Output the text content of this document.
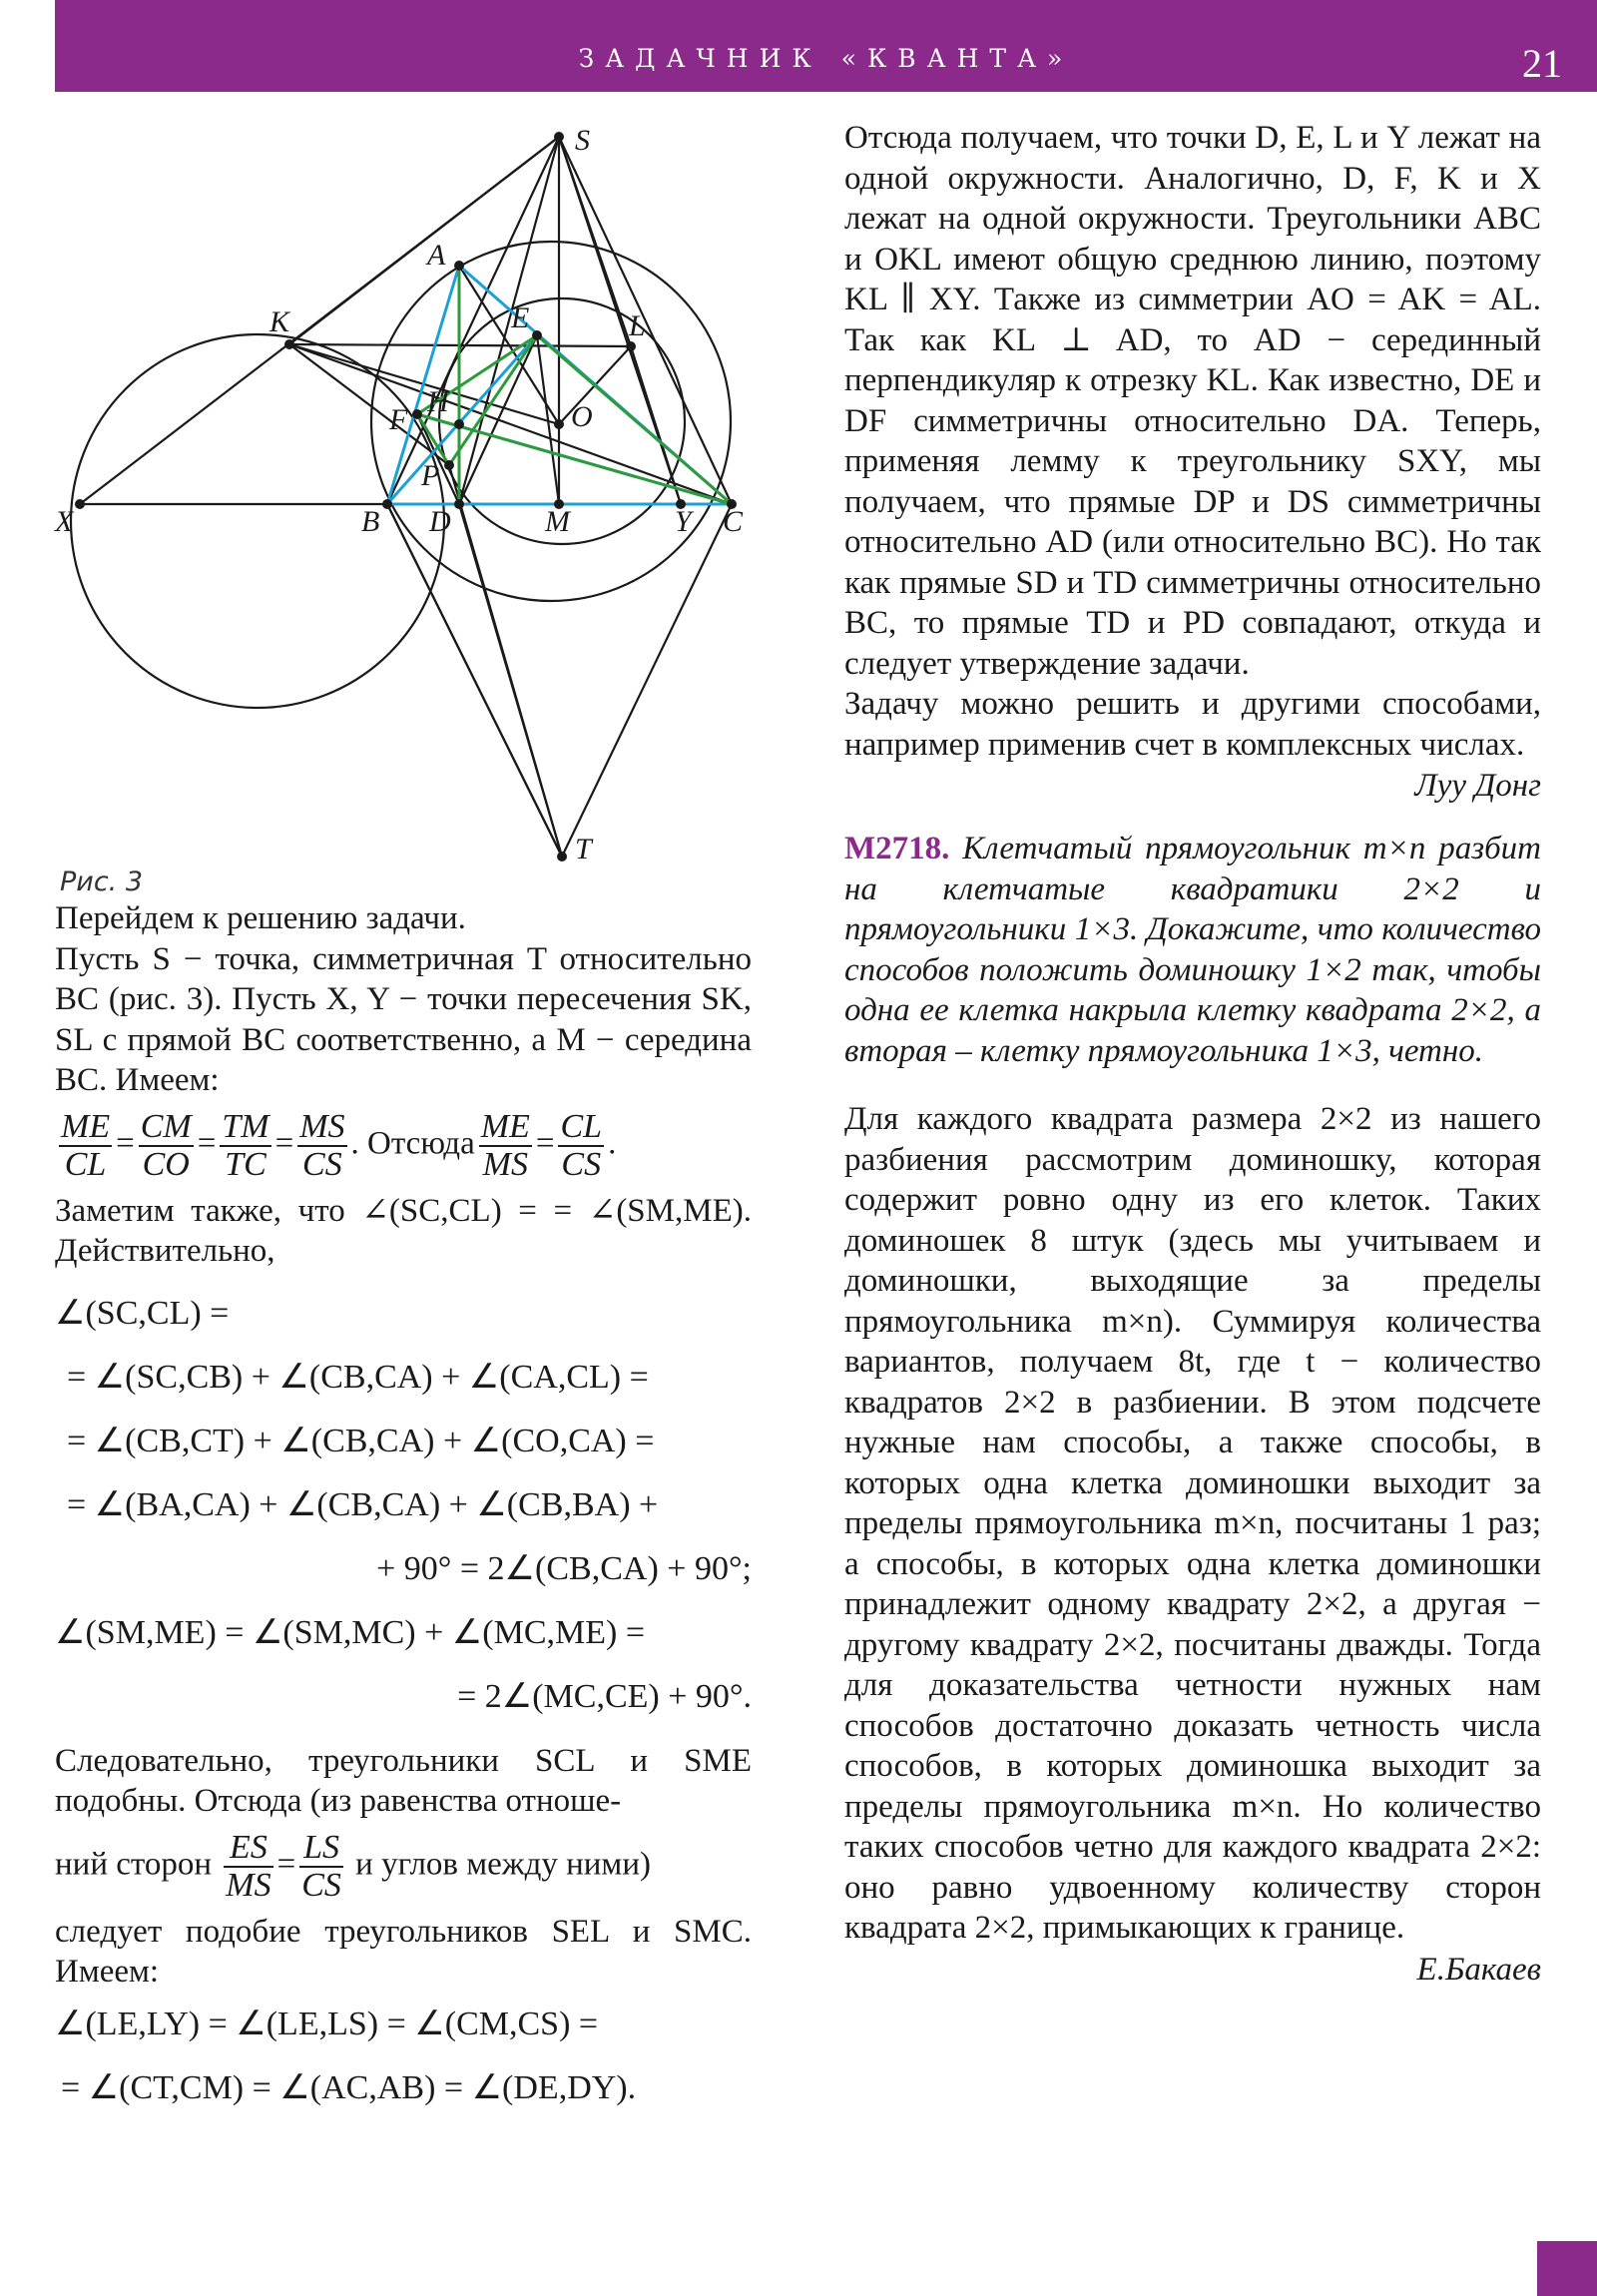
ЗАДАЧНИК «КВАНТА»	21
S
A
K	E	L
F
H	O
P
X	B D	M	Y C
T
Рис. 3

Перейдем к решению задачи.

Пусть S − точка, симметричная T относительно BC (рис. 3). Пусть X, Y − точки пересечения SK, SL с прямой BC соответственно, а M − середина BC. Имеем:

$\frac{ME}{CL} = \frac{CM}{CO} = \frac{TM}{TC} = \frac{MS}{CS}$ . Отсюда $\frac{ME}{MS} = \frac{CL}{CS}$ .

Заметим также, что ∠(SC,CL) = = ∠(SM,ME). Действительно,

∠(SC,CL) =
= ∠(SC,CB) + ∠(CB,CA) + ∠(CA,CL) =
= ∠(CB,CT) + ∠(CB,CA) + ∠(CO,CA) =
= ∠(BA,CA) + ∠(CB,CA) + ∠(CB,BA) +
+ 90° = 2∠(CB,CA) + 90°;
∠(SM,ME) = ∠(SM,MC) + ∠(MC,ME) =
= 2∠(MC,CE) + 90°.

Следовательно, треугольники SCL и SME подобны. Отсюда (из равенства отноше-

ний сторон $\frac{ES}{MS} = \frac{LS}{CS}$ и углов между ними)

следует подобие треугольников SEL и SMC. Имеем:

∠(LE,LY) = ∠(LE,LS) = ∠(CM,CS) =
= ∠(CT,CM) = ∠(AC,AB) = ∠(DE,DY).

Отсюда получаем, что точки D, E, L и Y лежат на одной окружности. Аналогично, D, F, K и X лежат на одной окружности. Треугольники ABC и OKL имеют общую среднюю линию, поэтому KL ∥ XY. Также из симметрии AO = AK = AL. Так как KL ⊥ AD, то AD − серединный перпендикуляр к отрезку KL. Как известно, DE и DF симметричны относительно DA. Теперь, применяя лемму к треугольнику SXY, мы получаем, что прямые DP и DS симметричны относительно AD (или относительно BC). Но так как прямые SD и TD симметричны относительно BC, то прямые TD и PD совпадают, откуда и следует утверждение задачи.

Задачу можно решить и другими способами, например применив счет в комплексных числах.

Луу Донг
M2718. Клетчатый прямоугольник m×n разбит на клетчатые квадратики 2×2 и прямоугольники 1×3. Докажите, что количество способов положить доминошку 1×2 так, чтобы одна ее клетка накрыла клетку квадрата 2×2, а вторая – клетку прямоугольника 1×3, четно.

Для каждого квадрата размера 2×2 из нашего разбиения рассмотрим доминошку, которая содержит ровно одну из его клеток. Таких доминошек 8 штук (здесь мы учитываем и доминошки, выходящие за пределы прямоугольника m×n). Суммируя количества вариантов, получаем 8t, где t − количество квадратов 2×2 в разбиении. В этом подсчете нужные нам способы, а также способы, в которых одна клетка доминошки выходит за пределы прямоугольника m×n, посчитаны 1 раз; а способы, в которых одна клетка доминошки принадлежит одному квадрату 2×2, а другая − другому квадрату 2×2, посчитаны дважды. Тогда для доказательства четности нужных нам способов достаточно доказать четность числа способов, в которых доминошка выходит за пределы прямоугольника m×n. Но количество таких способов четно для каждого квадрата 2×2: оно равно удвоенному количеству сторон квадрата 2×2, примыкающих к границе.

Е.Бакаев
